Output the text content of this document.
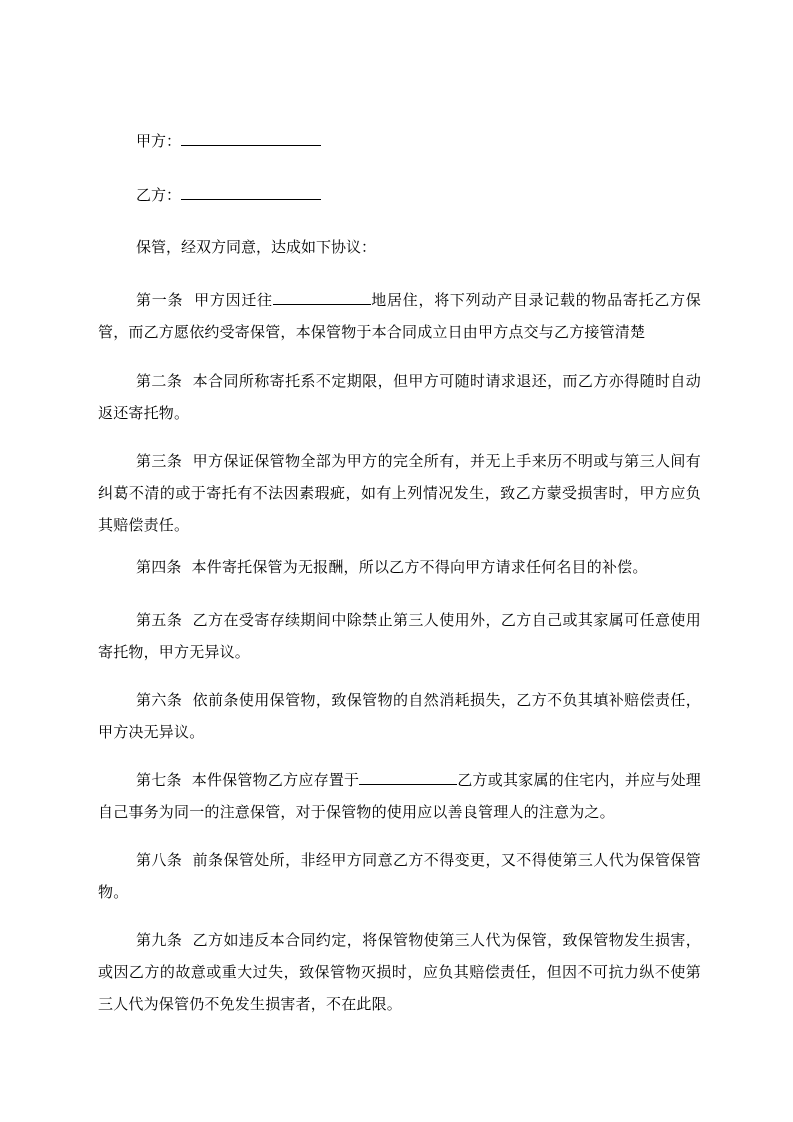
甲方：

乙方：

保管，经双方同意，达成如下协议：

第一条 甲方因迁往	地居住，将下列动产目录记载的物品寄托乙方保管，而乙方愿依约受寄保管，本保管物于本合同成立日由甲方点交与乙方接管清楚

第二条 本合同所称寄托系不定期限，但甲方可随时请求退还，而乙方亦得随时自动返还寄托物。

第三条 甲方保证保管物全部为甲方的完全所有，并无上手来历不明或与第三人间有纠葛不清的或于寄托有不法因素瑕疵，如有上列情况发生，致乙方蒙受损害时，甲方应负其赔偿责任。

第四条 本件寄托保管为无报酬，所以乙方不得向甲方请求任何名目的补偿。

第五条 乙方在受寄存续期间中除禁止第三人使用外，乙方自己或其家属可任意使用寄托物，甲方无异议。

第六条 依前条使用保管物，致保管物的自然消耗损失，乙方不负其填补赔偿责任，甲方决无异议。

第七条 本件保管物乙方应存置于	乙方或其家属的住宅内，并应与处理自己事务为同一的注意保管，对于保管物的使用应以善良管理人的注意为之。

第八条 前条保管处所，非经甲方同意乙方不得变更，又不得使第三人代为保管保管物。

第九条 乙方如违反本合同约定，将保管物使第三人代为保管，致保管物发生损害，或因乙方的故意或重大过失，致保管物灭损时，应负其赔偿责任，但因不可抗力纵不使第三人代为保管仍不免发生损害者，不在此限。
